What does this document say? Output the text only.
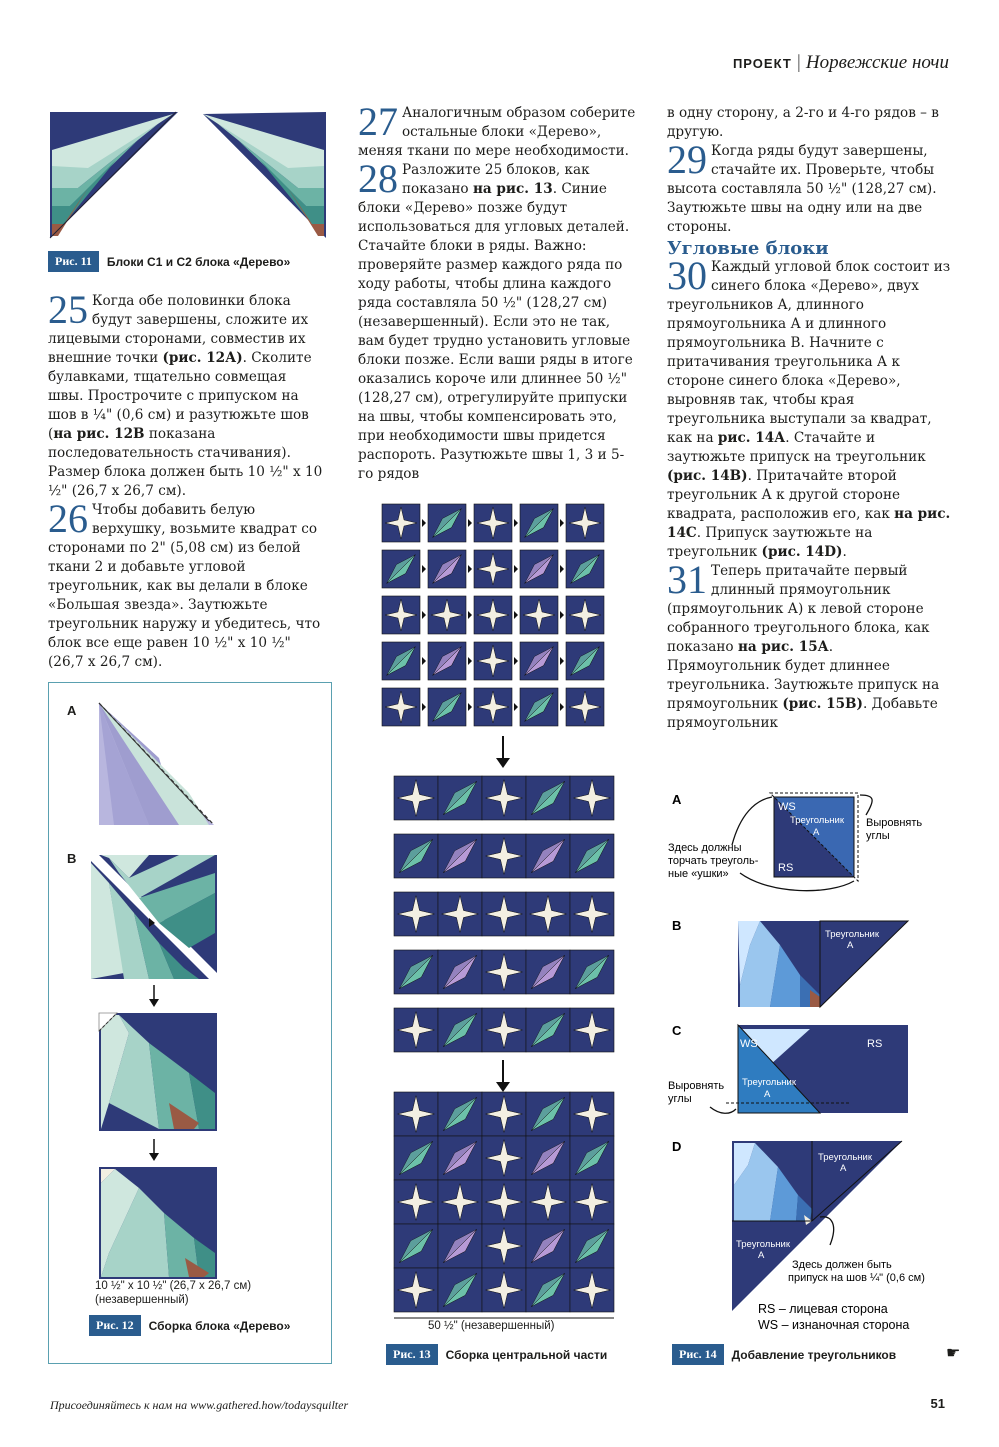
ПРОЕКТ | Норвежские ночи
Рис. 11	Блоки С1 и С2 блока «Дерево»

25 Когда обе половинки блока будут завершены, сложите их лицевыми сторонами, совместив их внешние точки (рис. 12А). Сколите булавками, тщательно совмещая швы. Прострочите с припуском на шов в ¼" (0,6 см) и разутюжьте шов (на рис. 12В показана последовательность стачивания). Размер блока должен быть 10 ½" х 10 ½" (26,7 х 26,7 см).

26 Чтобы добавить белую верхушку, возьмите квадрат со сторонами по 2" (5,08 см) из белой ткани 2 и добавьте угловой треугольник, как вы делали в блоке «Большая звезда». Заутюжьте треугольник наружу и убедитесь, что блок все еще равен 10 ½" х 10 ½" (26,7 х 26,7 см).

A
B
10 ½" x 10 ½" (26,7 x 26,7 см)
(незавершенный)
Рис. 12	Сборка блока «Дерево»

27 Аналогичным образом соберите остальные блоки «Дерево», меняя ткани по мере необходимости.

28 Разложите 25 блоков, как показано на рис. 13. Синие блоки «Дерево» позже будут использоваться для угловых деталей. Стачайте блоки в ряды. Важно: проверяйте размер каждого ряда по ходу работы, чтобы длина каждого ряда составляла 50 ½" (128,27 см) (незавершенный). Если это не так, вам будет трудно установить угловые блоки позже. Если ваши ряды в итоге оказались короче или длиннее 50 ½" (128,27 см), отрегулируйте припуски на швы, чтобы компенсировать это, при необходимости швы придется распороть. Разутюжьте швы 1, 3 и 5-го рядов

50 ½" (незавершенный)
Рис. 13	Сборка центральной части

в одну сторону, а 2-го и 4-го рядов – в другую.

29 Когда ряды будут завершены, стачайте их. Проверьте, чтобы высота составляла 50 ½" (128,27 см). Заутюжьте швы на одну или на две стороны.

Угловые блоки

30 Каждый угловой блок состоит из синего блока «Дерево», двух треугольников А, длинного прямоугольника А и длинного прямоугольника В. Начните с притачивания треугольника А к стороне синего блока «Дерево», выровняв так, чтобы края треугольника выступали за квадрат, как на рис. 14А. Стачайте и заутюжьте припуск на треугольник (рис. 14В). Притачайте второй треугольник А к другой стороне квадрата, расположив его, как на рис. 14С. Припуск заутюжьте на треугольник (рис. 14D).

31 Теперь притачайте первый длинный прямоугольник (прямоугольник А) к левой стороне собранного треугольного блока, как показано на рис. 15А. Прямоугольник будет длиннее треугольника. Заутюжьте припуск на прямоугольник (рис. 15В). Добавьте прямоугольник

A	WS
RS
Треугольник
A
Выровнять
углы
Здесь должны
торчать треуголь-
ные «ушки»
B
Треугольник
A
C
WS	RS
Треугольник
A
Выровнять
углы
D
Треугольник
A
Треугольник
A
Здесь должен быть
припуск на шов ¼" (0,6 см)
RS – лицевая сторона
WS – изнаночная сторона
Рис. 14	Добавление треугольников	☛
Присоединяйтесь к нам на www.gathered.how/todaysquilter	51
